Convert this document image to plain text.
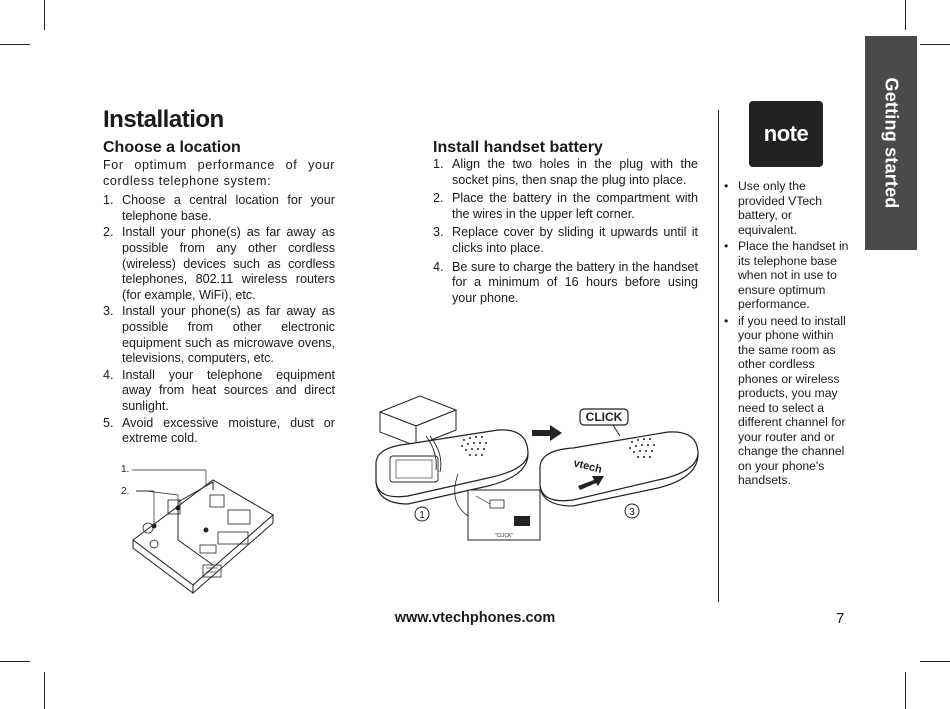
Getting started
Installation
Choose a location

For optimum performance of your cordless telephone system:

1. Choose a central location for your telephone base.
2. Install your phone(s) as far away as possible from any other cordless (wireless) devices such as cordless telephones, 802.11 wireless routers (for example, WiFi), etc.
3. Install your phone(s) as far away as possible from other electronic equipment such as microwave ovens, televisions, computers, etc.
4. Install your telephone equipment away from heat sources and direct sunlight.
5. Avoid excessive moisture, dust or extreme cold.
1.
2.
Install handset battery
1. Align the two holes in the plug with the socket pins, then snap the plug into place.
2. Place the battery in the compartment with the wires in the upper left corner.
3. Replace cover by sliding it upwards until it clicks into place.
4. Be sure to charge the battery in the handset for a minimum of 16 hours before using your phone.
"CLICK"
CLICK
vtech
1	3
note
• Use only the provided VTech battery, or equivalent.
• Place the handset in its telephone base when not in use to ensure optimum performance.
• if you need to install your phone within the same room as other cordless phones or wireless products, you may need to select a different channel for your router and or change the channel on your phone's handsets.
www.vtechphones.com	7
